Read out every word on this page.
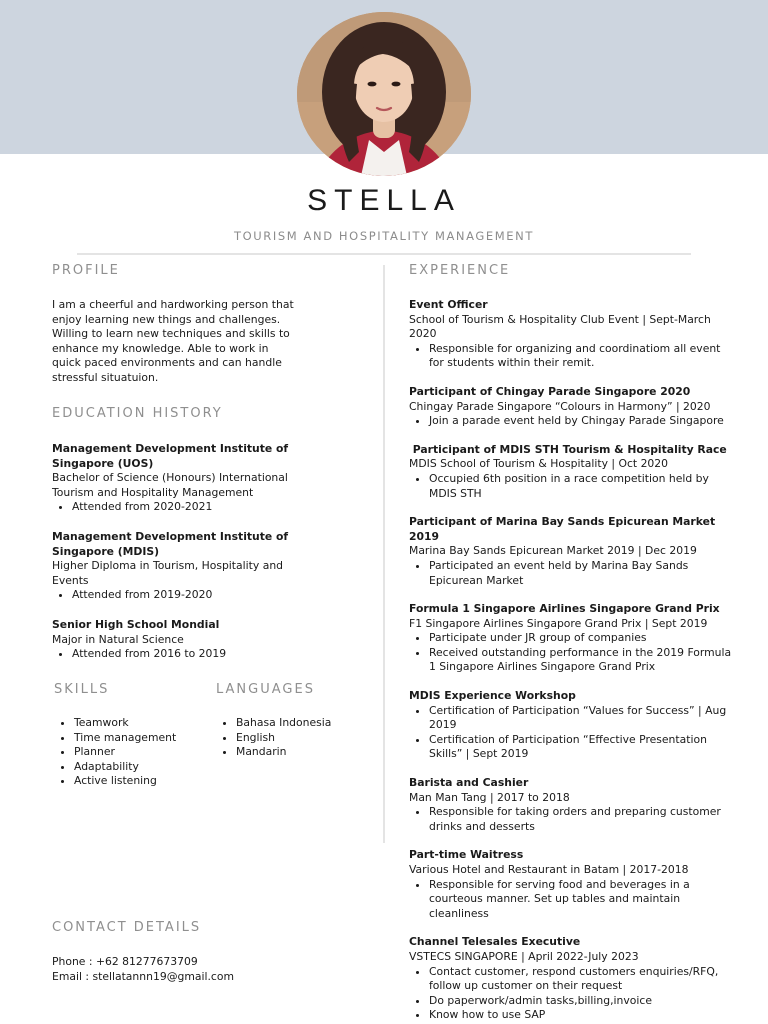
STELLA
TOURISM AND HOSPITALITY MANAGEMENT
PROFILE
I am a cheerful and hardworking person that enjoy learning new things and challenges. Willing to learn new techniques and skills to enhance my knowledge. Able to work in quick paced environments and can handle stressful situatuion.
EDUCATION HISTORY
Management Development Institute of Singapore (UOS)
Bachelor of Science (Honours) International Tourism and Hospitality Management
• Attended from 2020-2021
Management Development Institute of Singapore (MDIS)
Higher Diploma in Tourism, Hospitality and Events
• Attended from 2019-2020
Senior High School Mondial
Major in Natural Science
• Attended from 2016 to 2019
SKILLS
• Teamwork
• Time management
• Planner
• Adaptability
• Active listening
LANGUAGES
• Bahasa Indonesia
• English
• Mandarin
CONTACT DETAILS
Phone : +62 81277673709
Email : stellatannn19@gmail.com
EXPERIENCE
Event Officer
School of Tourism & Hospitality Club Event | Sept-March 2020
• Responsible for organizing and coordinatiom all event for students within their remit.
Participant of Chingay Parade Singapore 2020
Chingay Parade Singapore “Colours in Harmony” | 2020
• Join a parade event held by Chingay Parade Singapore
Participant of MDIS STH Tourism & Hospitality Race
MDIS School of Tourism & Hospitality | Oct 2020
• Occupied 6th position in a race competition held by MDIS STH
Participant of Marina Bay Sands Epicurean Market 2019
Marina Bay Sands Epicurean Market 2019 | Dec 2019
• Participated an event held by Marina Bay Sands Epicurean Market
Formula 1 Singapore Airlines Singapore Grand Prix
F1 Singapore Airlines Singapore Grand Prix | Sept 2019
• Participate under JR group of companies
• Received outstanding performance in the 2019 Formula 1 Singapore Airlines Singapore Grand Prix
MDIS Experience Workshop
• Certification of Participation “Values for Success” | Aug 2019
• Certification of Participation “Effective Presentation Skills” | Sept 2019
Barista and Cashier
Man Man Tang | 2017 to 2018
• Responsible for taking orders and preparing customer drinks and desserts
Part-time Waitress
Various Hotel and Restaurant in Batam | 2017-2018
• Responsible for serving food and beverages in a courteous manner. Set up tables and maintain cleanliness
Channel Telesales Executive
VSTECS SINGAPORE | April 2022-July 2023
• Contact customer, respond customers enquiries/RFQ, follow up customer on their request
• Do paperwork/admin tasks,billing,invoice
• Know how to use SAP
